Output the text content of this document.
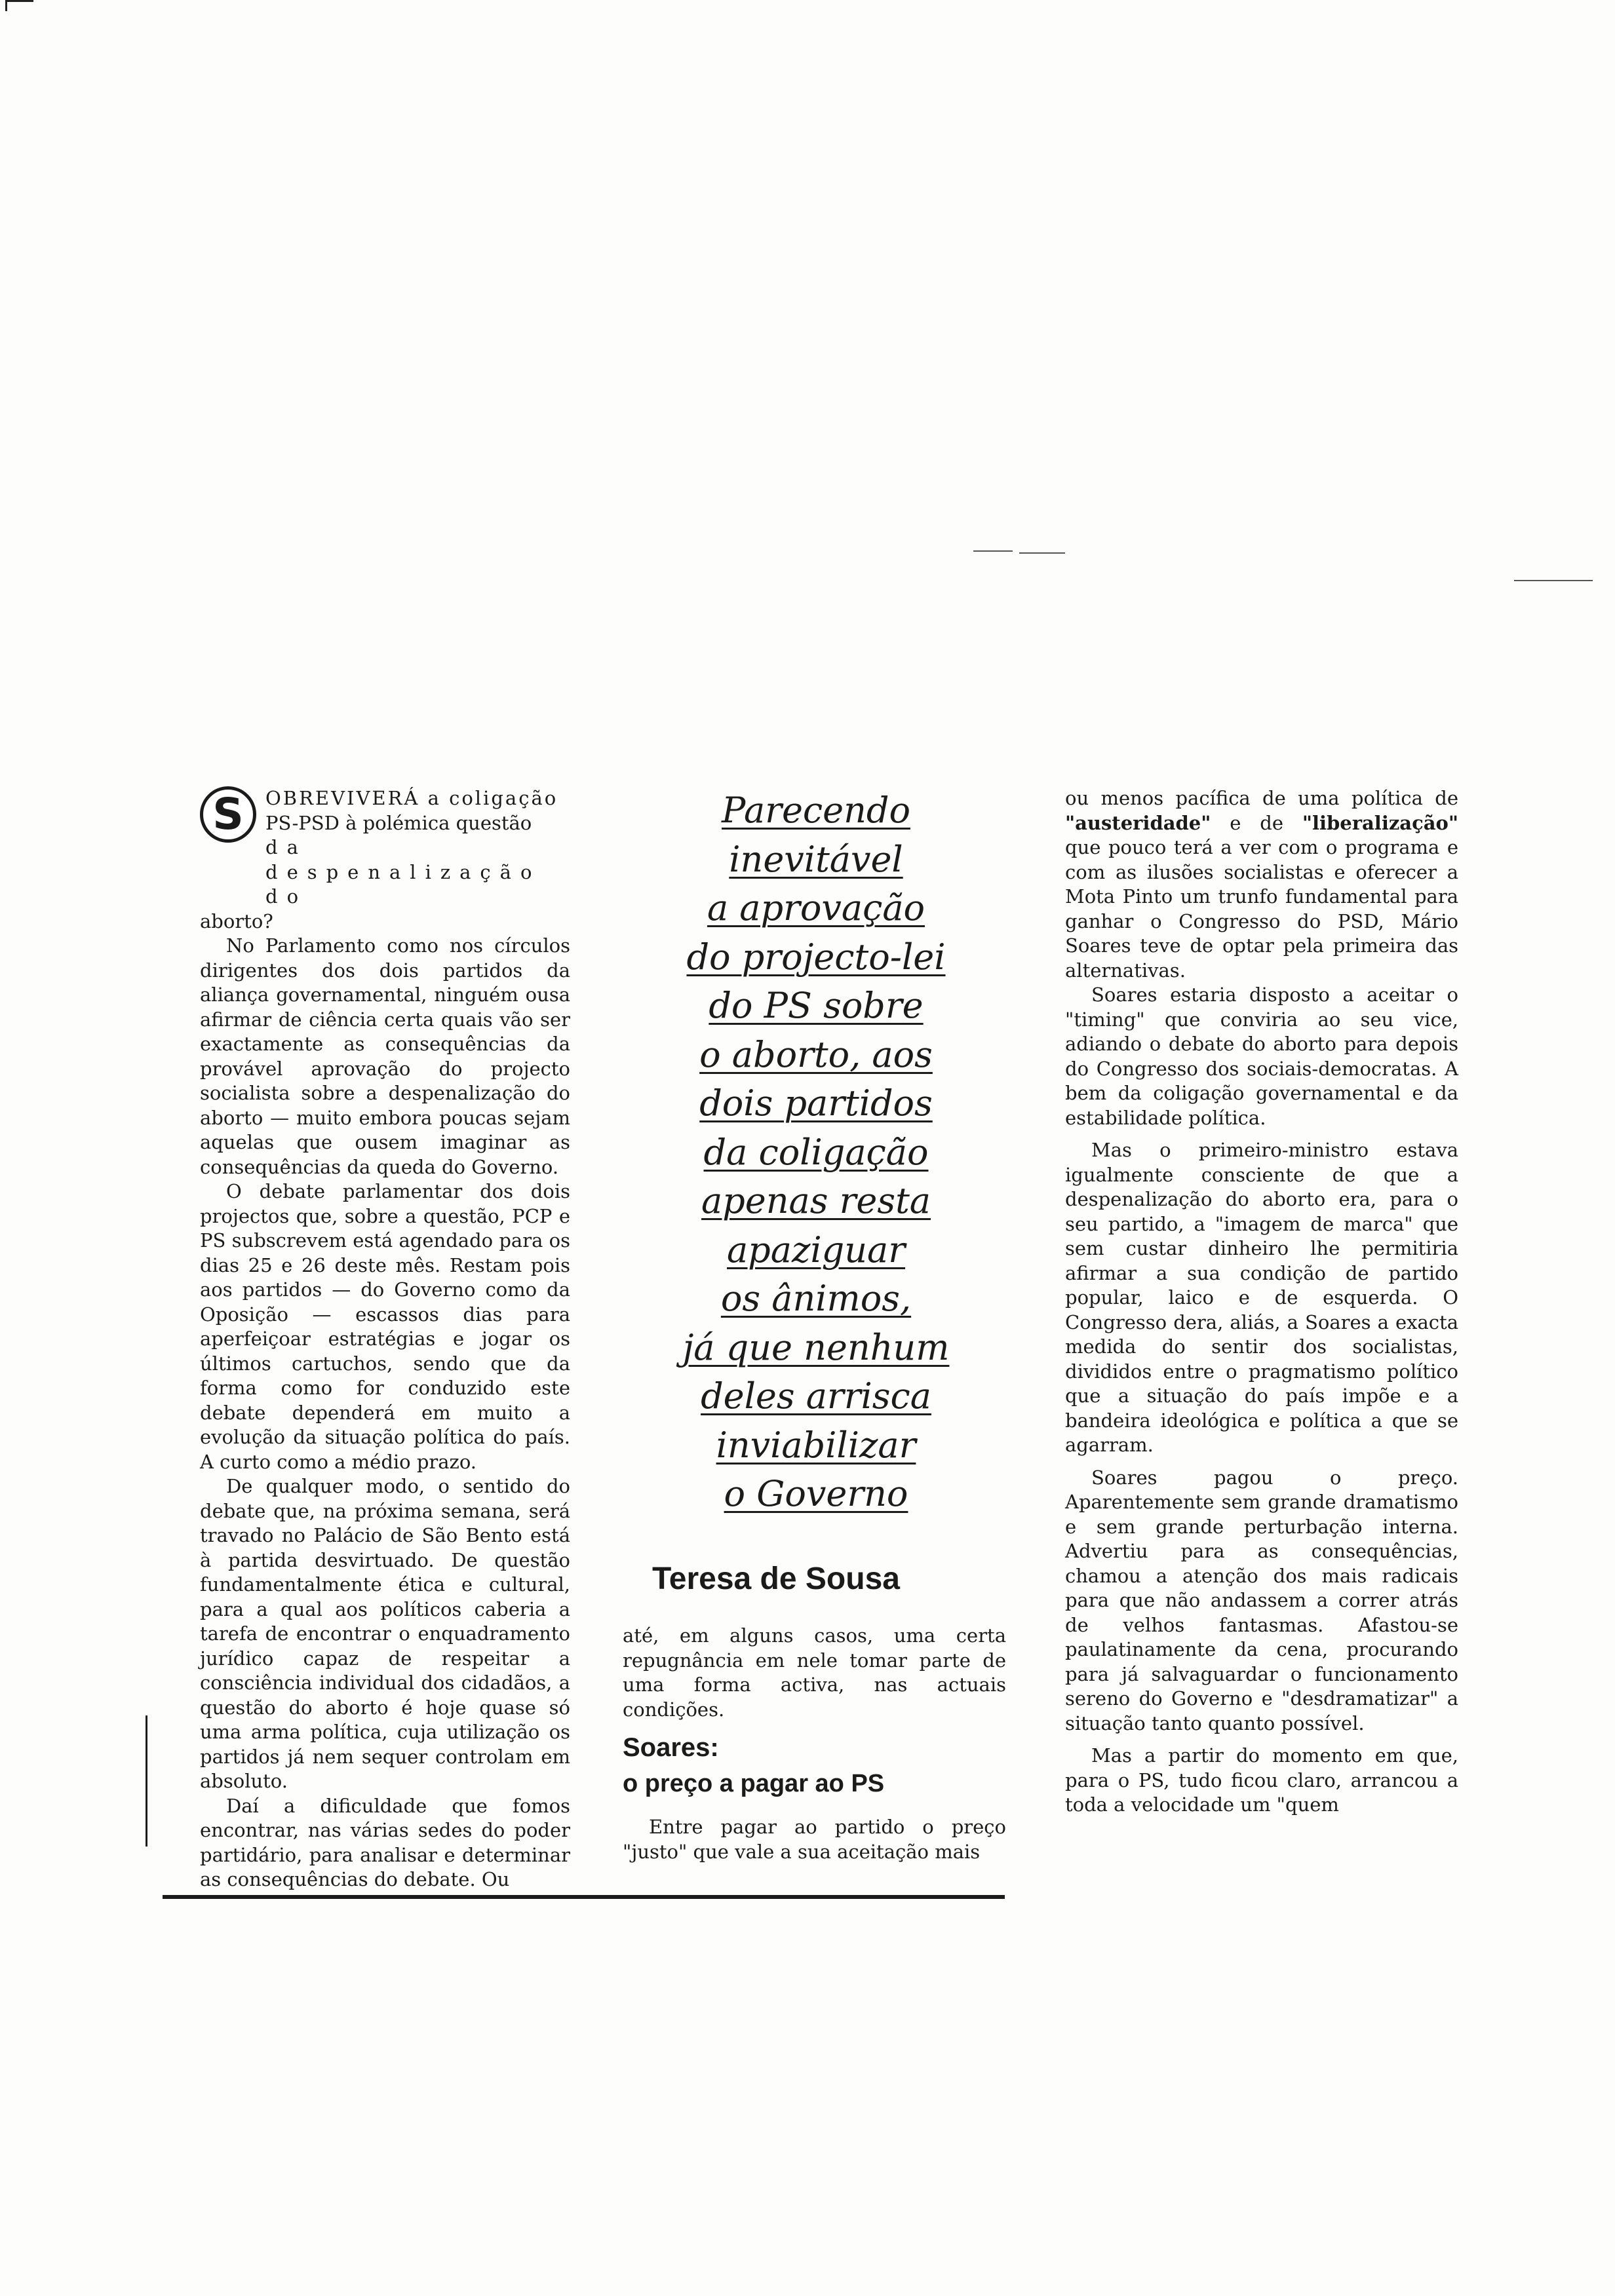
S	OBREVIVERÁ a coligação
PS-PSD à polémica questão
da despenalização do
aborto?

No Parlamento como nos círculos dirigentes dos dois partidos da aliança governamental, ninguém ousa afirmar de ciência certa quais vão ser exactamente as consequências da provável aprovação do projecto socialista sobre a despenalização do aborto — muito embora poucas sejam aquelas que ousem imaginar as consequências da queda do Governo.

O debate parlamentar dos dois projectos que, sobre a questão, PCP e PS subscrevem está agendado para os dias 25 e 26 deste mês. Restam pois aos partidos — do Governo como da Oposição — escassos dias para aperfeiçoar estratégias e jogar os últimos cartuchos, sendo que da forma como for conduzido este debate dependerá em muito a evolução da situação política do país. A curto como a médio prazo.

De qualquer modo, o sentido do debate que, na próxima semana, será travado no Palácio de São Bento está à partida desvirtuado. De questão fundamentalmente ética e cultural, para a qual aos políticos caberia a tarefa de encontrar o enquadramento jurídico capaz de respeitar a consciência individual dos cidadãos, a questão do aborto é hoje quase só uma arma política, cuja utilização os partidos já nem sequer controlam em absoluto.

Daí a dificuldade que fomos encontrar, nas várias sedes do poder partidário, para analisar e determinar as consequências do debate. Ou

Parecendo
inevitável
a aprovação
do projecto-lei
do PS sobre
o aborto, aos
dois partidos
da coligação
apenas resta
apaziguar
os ânimos,
já que nenhum
deles arrisca
inviabilizar
o Governo
Teresa de Sousa

até, em alguns casos, uma certa repugnância em nele tomar parte de uma forma activa, nas actuais condições.

Soares:
o preço a pagar ao PS

Entre pagar ao partido o preço "justo" que vale a sua aceitação mais

ou menos pacífica de uma política de "austeridade" e de "liberalização" que pouco terá a ver com o programa e com as ilusões socialistas e oferecer a Mota Pinto um trunfo fundamental para ganhar o Congresso do PSD, Mário Soares teve de optar pela primeira das alternativas.

Soares estaria disposto a aceitar o "timing" que conviria ao seu vice, adiando o debate do aborto para depois do Congresso dos sociais-democratas. A bem da coligação governamental e da estabilidade política.

Mas o primeiro-ministro estava igualmente consciente de que a despenalização do aborto era, para o seu partido, a "imagem de marca" que sem custar dinheiro lhe permitiria afirmar a sua condição de partido popular, laico e de esquerda. O Congresso dera, aliás, a Soares a exacta medida do sentir dos socialistas, divididos entre o pragmatismo político que a situação do país impõe e a bandeira ideológica e política a que se agarram.

Soares pagou o preço. Aparentemente sem grande dramatismo e sem grande perturbação interna. Advertiu para as consequências, chamou a atenção dos mais radicais para que não andassem a correr atrás de velhos fantasmas. Afastou-se paulatinamente da cena, procurando para já salvaguardar o funcionamento sereno do Governo e "desdramatizar" a situação tanto quanto possível.

Mas a partir do momento em que, para o PS, tudo ficou claro, arrancou a toda a velocidade um "quem
